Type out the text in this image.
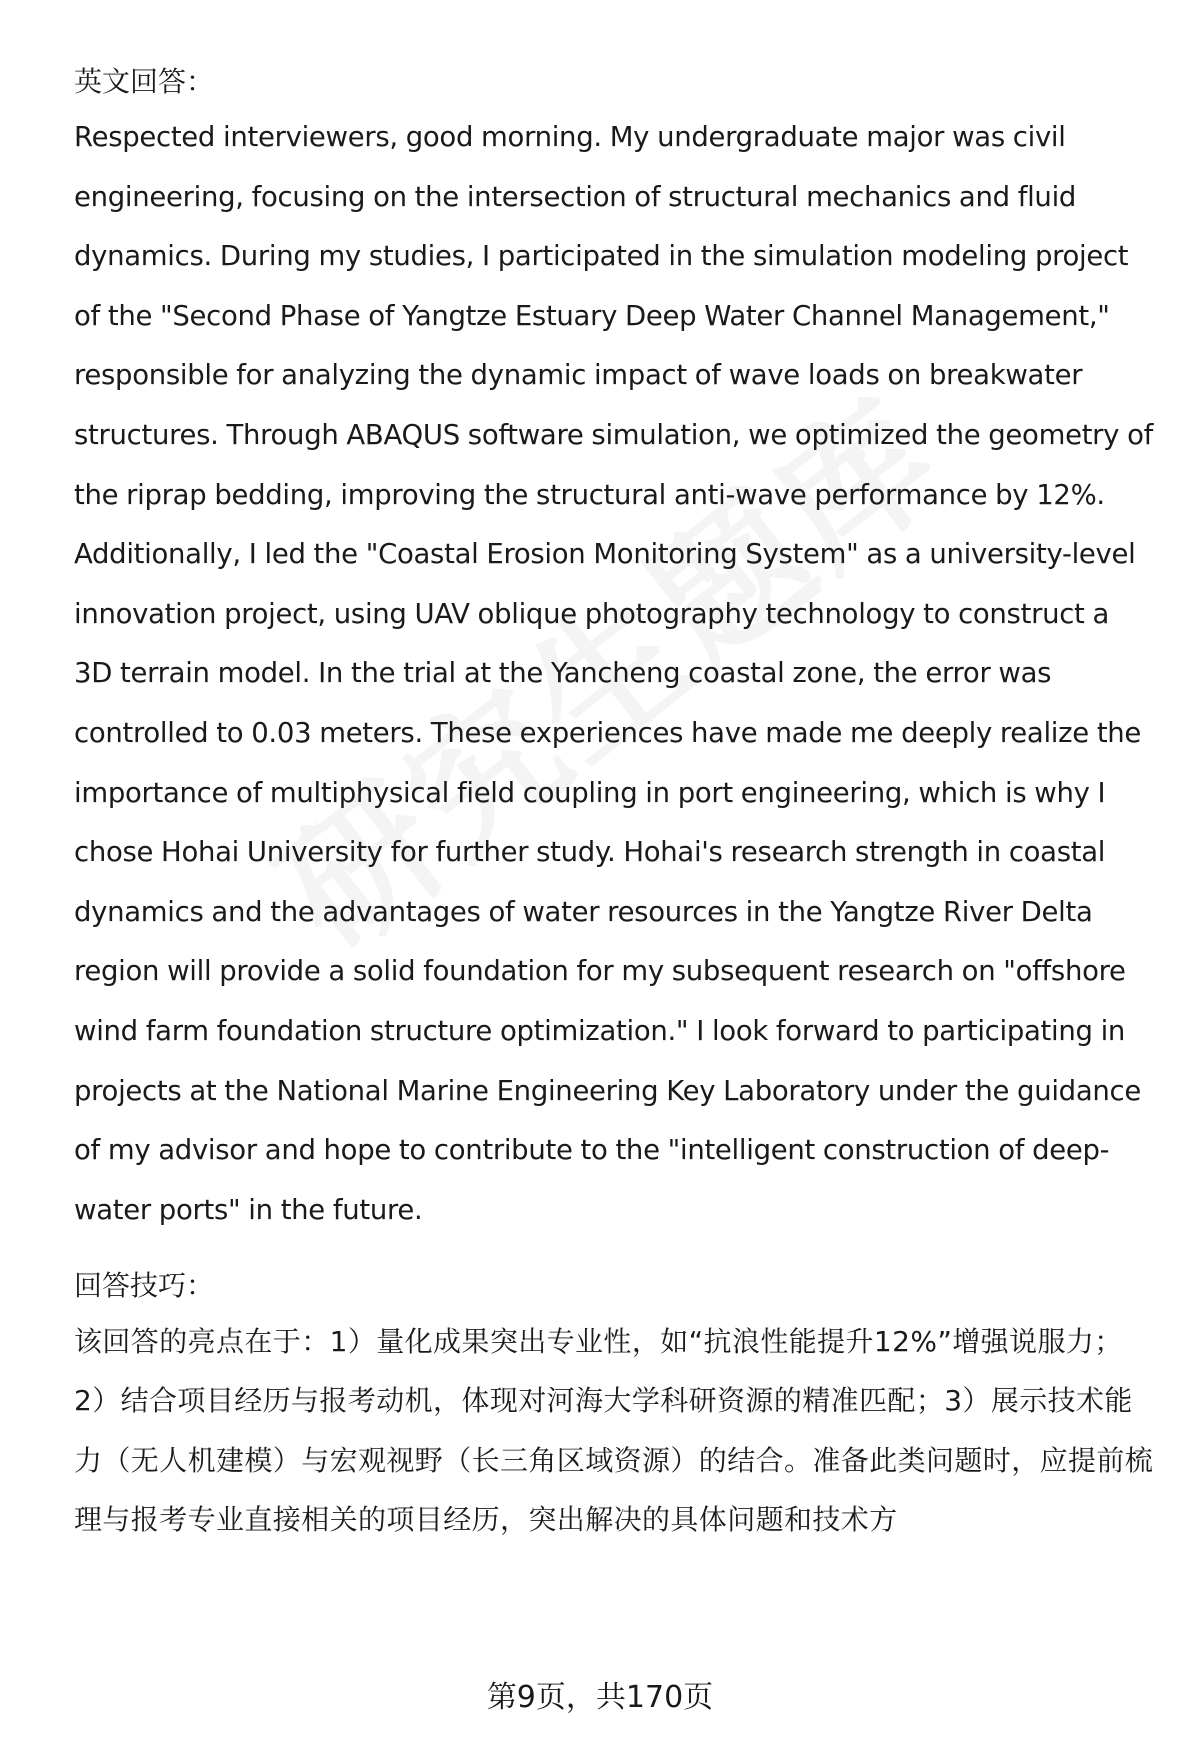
英文回答：

Respected interviewers, good morning. My undergraduate major was civil engineering, focusing on the intersection of structural mechanics and fluid dynamics. During my studies, I participated in the simulation modeling project of the "Second Phase of Yangtze Estuary Deep Water Channel Management," responsible for analyzing the dynamic impact of wave loads on breakwater structures. Through ABAQUS software simulation, we optimized the geometry of the riprap bedding, improving the structural anti-wave performance by 12%. Additionally, I led the "Coastal Erosion Monitoring System" as a university-level innovation project, using UAV oblique photography technology to construct a 3D terrain model. In the trial at the Yancheng coastal zone, the error was controlled to 0.03 meters. These experiences have made me deeply realize the importance of multiphysical field coupling in port engineering, which is why I chose Hohai University for further study. Hohai's research strength in coastal dynamics and the advantages of water resources in the Yangtze River Delta region will provide a solid foundation for my subsequent research on "offshore wind farm foundation structure optimization." I look forward to participating in projects at the National Marine Engineering Key Laboratory under the guidance of my advisor and hope to contribute to the "intelligent construction of deep-water ports" in the future.

回答技巧：

该回答的亮点在于：1）量化成果突出专业性，如“抗浪性能提升12%”增强说服力；2）结合项目经历与报考动机，体现对河海大学科研资源的精准匹配；3）展示技术能力（无人机建模）与宏观视野（长三角区域资源）的结合。准备此类问题时，应提前梳理与报考专业直接相关的项目经历，突出解决的具体问题和技术方

第9页，共170页
